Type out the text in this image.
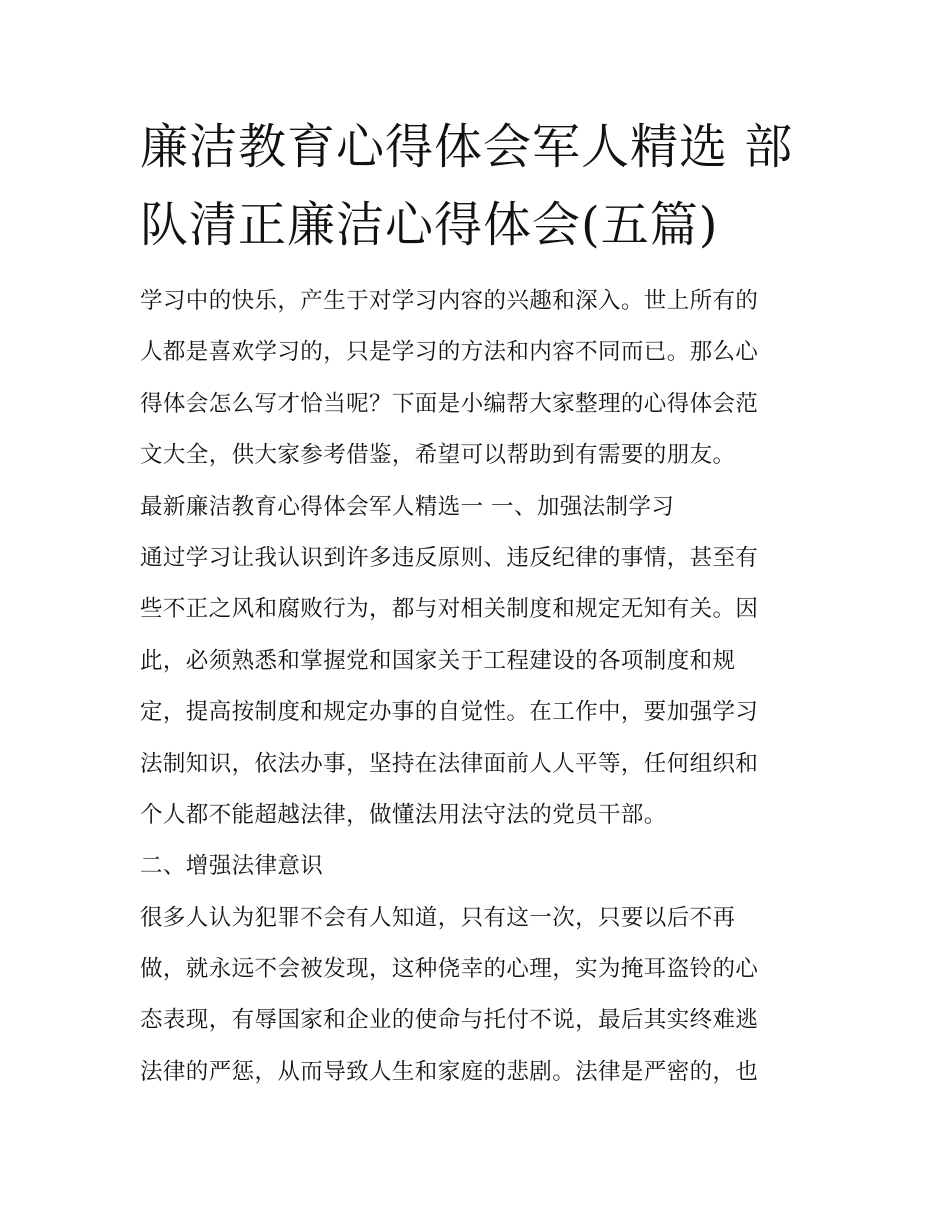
廉洁教育心得体会军人精选 部
队清正廉洁心得体会(五篇)
学习中的快乐，产生于对学习内容的兴趣和深入。世上所有的
人都是喜欢学习的，只是学习的方法和内容不同而已。那么心
得体会怎么写才恰当呢？下面是小编帮大家整理的心得体会范
文大全，供大家参考借鉴，希望可以帮助到有需要的朋友。
最新廉洁教育心得体会军人精选一 一、加强法制学习
通过学习让我认识到许多违反原则、违反纪律的事情，甚至有
些不正之风和腐败行为，都与对相关制度和规定无知有关。因
此，必须熟悉和掌握党和国家关于工程建设的各项制度和规
定，提高按制度和规定办事的自觉性。在工作中，要加强学习
法制知识，依法办事，坚持在法律面前人人平等，任何组织和
个人都不能超越法律，做懂法用法守法的党员干部。
二、增强法律意识
很多人认为犯罪不会有人知道，只有这一次，只要以后不再
做，就永远不会被发现，这种侥幸的心理，实为掩耳盗铃的心
态表现，有辱国家和企业的使命与托付不说，最后其实终难逃
法律的严惩，从而导致人生和家庭的悲剧。法律是严密的，也
